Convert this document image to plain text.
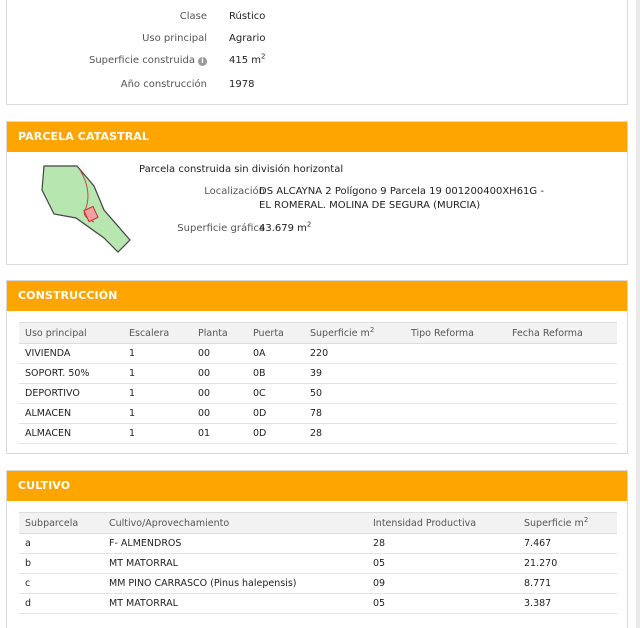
Clase Rústico
Uso principal Agrario
Superficie construida i	415 $m^2$
Año construcción 1978
PARCELA CATASTRAL
Parcela construida sin división horizontal
Localización
DS ALCAYNA 2 Polígono 9 Parcela 19 001200400XH61G -
EL ROMERAL. MOLINA DE SEGURA (MURCIA)
Superficie gráfica
43.679 $m^2$
CONSTRUCCIÓN
Uso principal	Escalera	Planta	Puerta	Superficie $m^2$	Tipo Reforma	Fecha Reforma
VIVIENDA	1	00	0A	220		
SOPORT. 50%	1	00	0B	39		
DEPORTIVO	1	00	0C	50		
ALMACEN	1	00	0D	78		
ALMACEN	1	01	0D	28		
CULTIVO
Subparcela	Cultivo/Aprovechamiento	Intensidad Productiva	Superficie $m^2$
a	F- ALMENDROS	28	7.467
b	MT MATORRAL	05	21.270
c	MM PINO CARRASCO (Pinus halepensis)	09	8.771
d	MT MATORRAL	05	3.387
